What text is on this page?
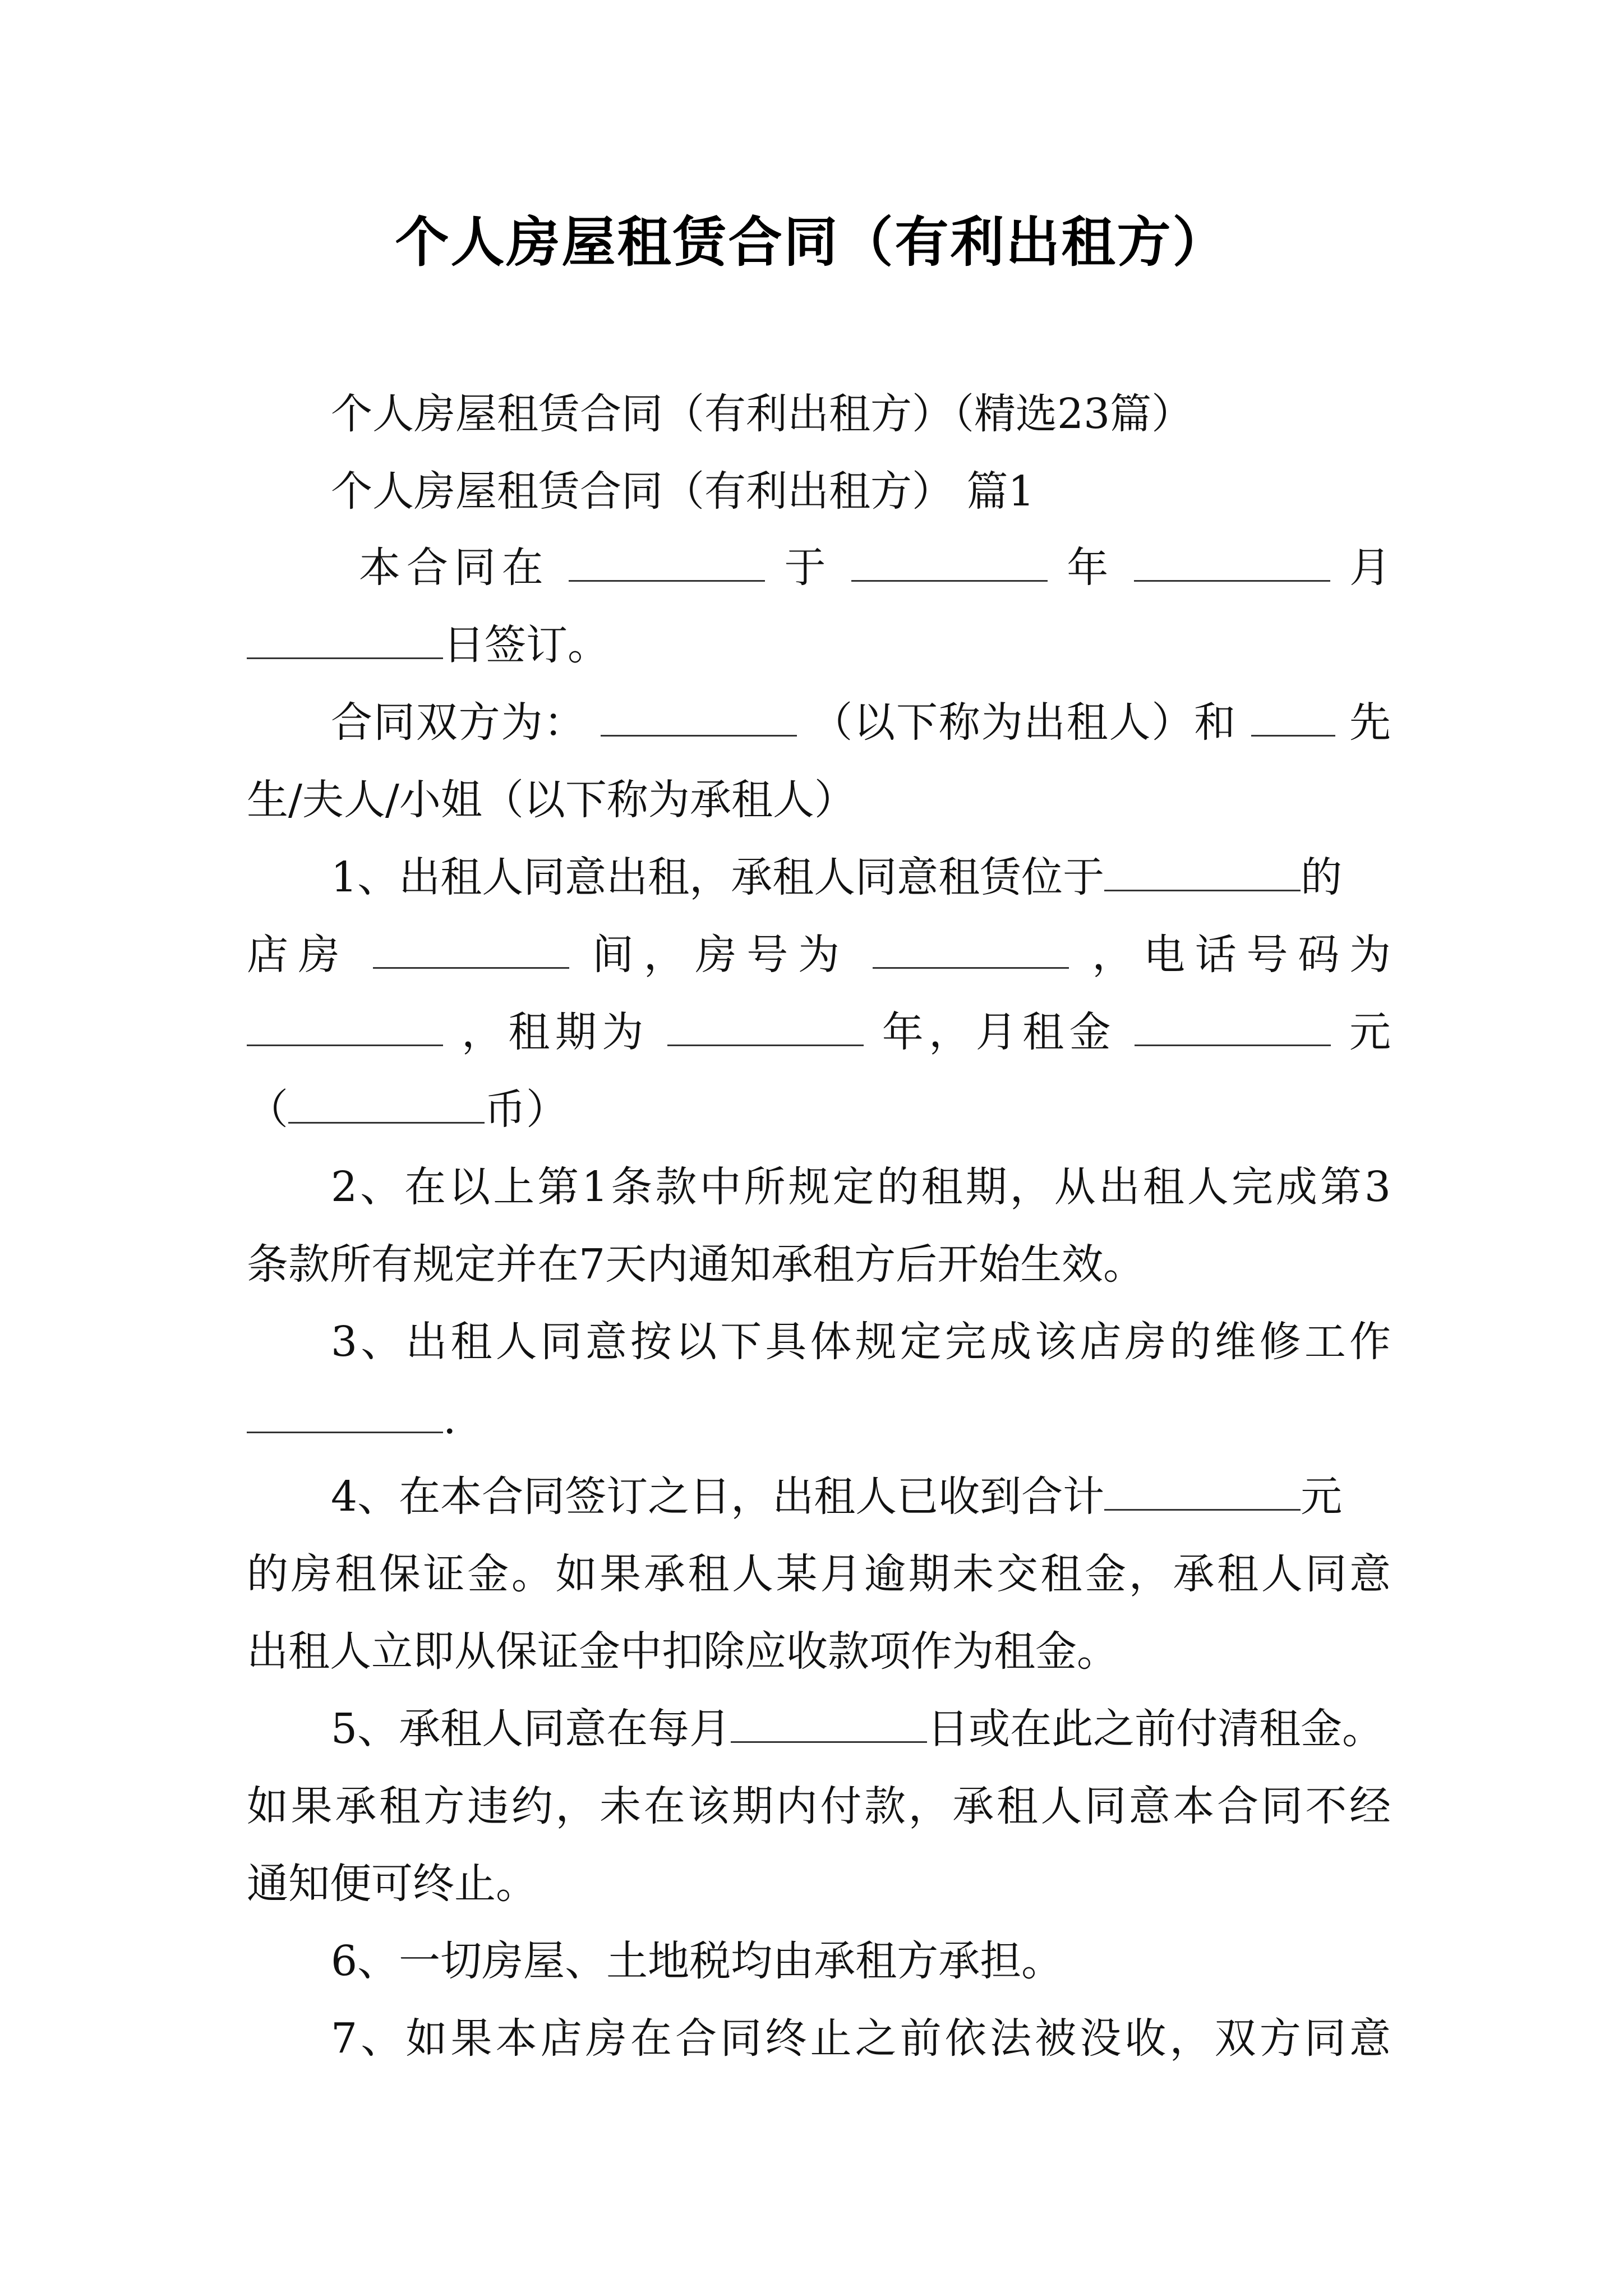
个人房屋租赁合同（有利出租方）
个人房屋租赁合同（有利出租方）（精选23篇）
个人房屋租赁合同（有利出租方） 篇1
本合同在	于	年	月
日签订。
合同双方为：	（以下称为出租人）和	先
生/夫人/小姐（以下称为承租人）
1、出租人同意出租，承租人同意租赁位于	的
店房	间，房号为	，电话号码为
，租期为	年，月租金	元
（	币）
2、在以上第1条款中所规定的租期，从出租人完成第3
条款所有规定并在7天内通知承租方后开始生效。
3、出租人同意按以下具体规定完成该店房的维修工作
.
4、在本合同签订之日，出租人已收到合计	元
的房租保证金。如果承租人某月逾期未交租金，承租人同意
出租人立即从保证金中扣除应收款项作为租金。
5、承租人同意在每月	日或在此之前付清租金。
如果承租方违约，未在该期内付款，承租人同意本合同不经
通知便可终止。
6、一切房屋、土地税均由承租方承担。
7、如果本店房在合同终止之前依法被没收，双方同意
